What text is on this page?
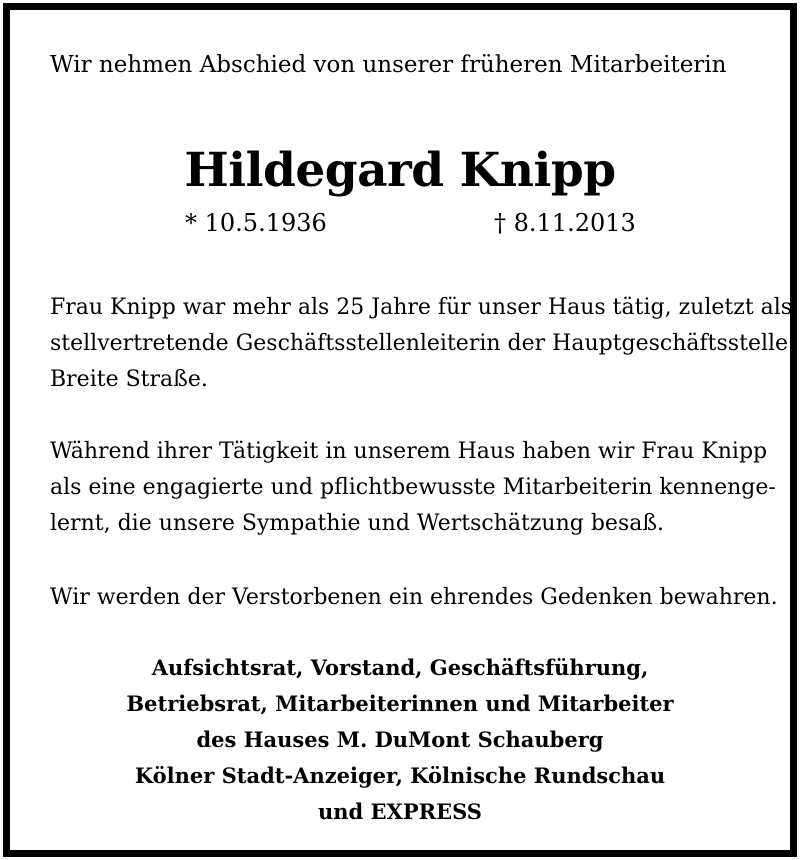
Wir nehmen Abschied von unserer früheren Mitarbeiterin
Hildegard Knipp
* 10.5.1936	† 8.11.2013
Frau Knipp war mehr als 25 Jahre für unser Haus tätig, zuletzt als
stellvertretende Geschäftsstellenleiterin der Hauptgeschäftsstelle
Breite Straße.
Während ihrer Tätigkeit in unserem Haus haben wir Frau Knipp
als eine engagierte und pflichtbewusste Mitarbeiterin kennenge-
lernt, die unsere Sympathie und Wertschätzung besaß.
Wir werden der Verstorbenen ein ehrendes Gedenken bewahren.
Aufsichtsrat, Vorstand, Geschäftsführung,
Betriebsrat, Mitarbeiterinnen und Mitarbeiter
des Hauses M. DuMont Schauberg
Kölner Stadt-Anzeiger, Kölnische Rundschau
und EXPRESS
